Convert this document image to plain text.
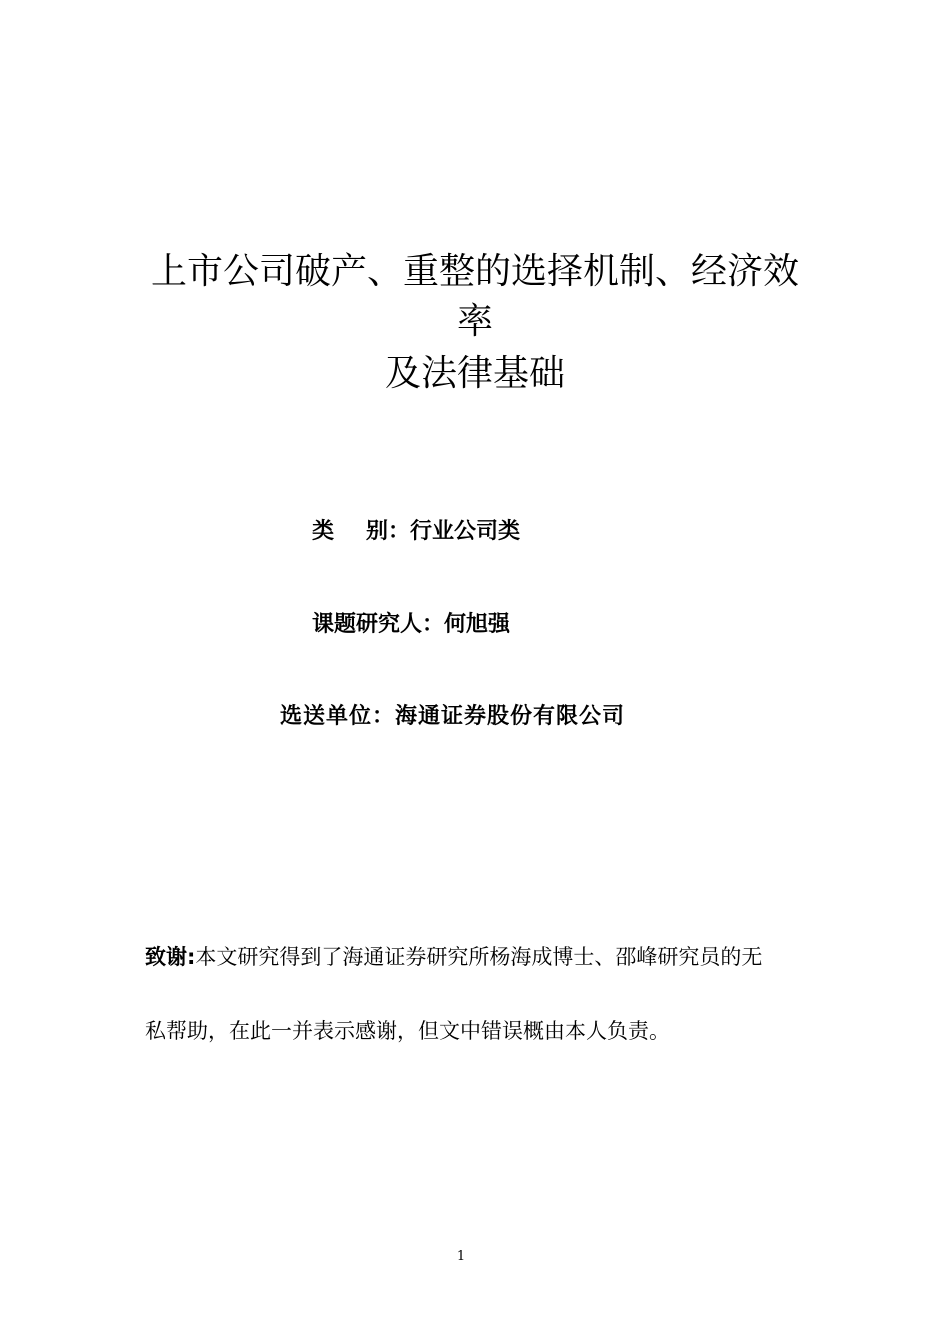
上市公司破产、重整的选择机制、经济效
率
及法律基础
类 别：行业公司类
课题研究人：何旭强
选送单位：海通证券股份有限公司
致谢:本文研究得到了海通证券研究所杨海成博士、邵峰研究员的无
私帮助，在此一并表示感谢，但文中错误概由本人负责。
1
